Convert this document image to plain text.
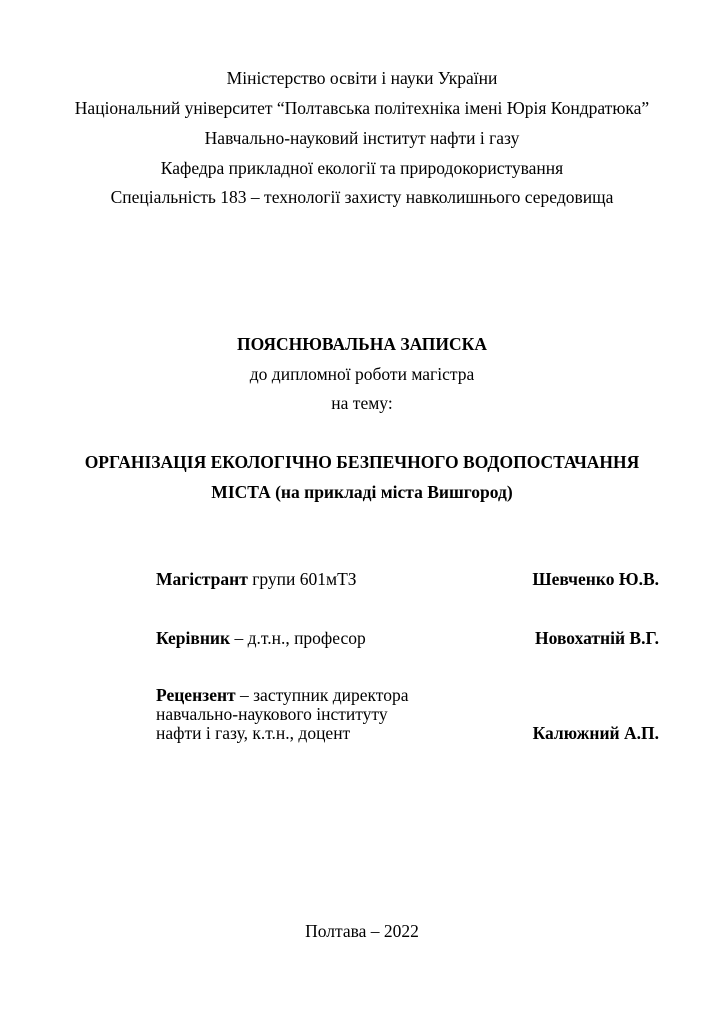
Міністерство освіти і науки України
Національний університет “Полтавська політехніка імені Юрія Кондратюка”
Навчально-науковий інститут нафти і газу
Кафедра прикладної екології та природокористування
Спеціальність 183 – технології захисту навколишнього середовища
ПОЯСНЮВАЛЬНА ЗАПИСКА
до дипломної роботи магістра
на тему:
ОРГАНІЗАЦІЯ ЕКОЛОГІЧНО БЕЗПЕЧНОГО ВОДОПОСТАЧАННЯ
МІСТА (на прикладі міста Вишгород)
Магістрант групи 601мТЗ	Шевченко Ю.В.
Керівник – д.т.н., професор	Новохатній В.Г.
Рецензент – заступник директора
навчально-наукового інституту
нафти і газу, к.т.н., доцент	Калюжний А.П.
Полтава – 2022
